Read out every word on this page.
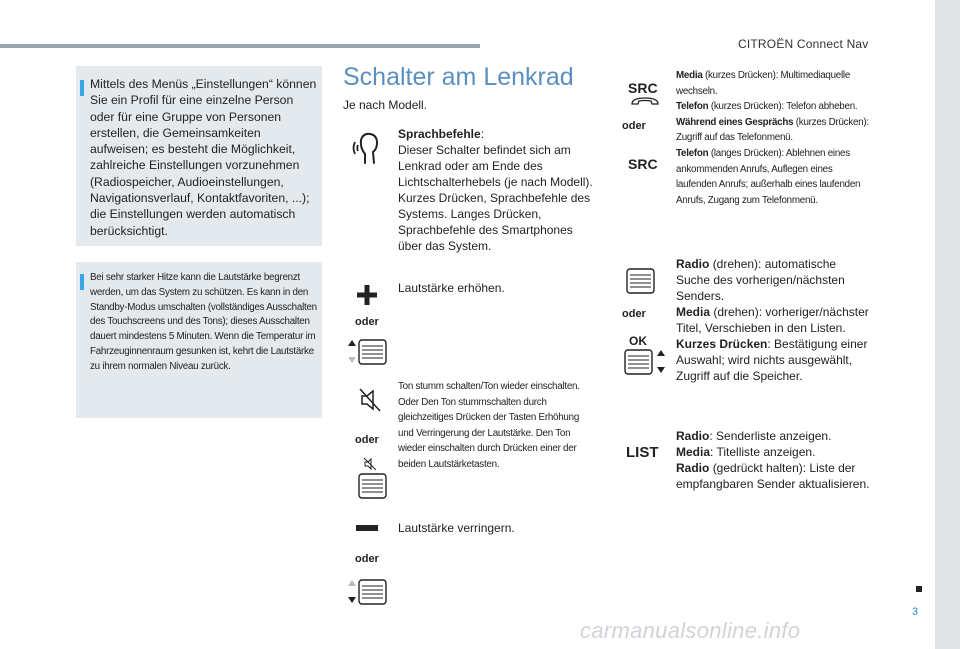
CITROËN Connect Nav
Mittels des Menüs „Einstellungen“ können Sie ein Profil für eine einzelne Person oder für eine Gruppe von Personen erstellen, die Gemeinsamkeiten aufweisen; es besteht die Möglichkeit, zahlreiche Einstellungen vorzunehmen (Radiospeicher, Audioeinstellungen, Navigationsverlauf, Kontaktfavoriten, ...); die Einstellungen werden automatisch berücksichtigt.
Bei sehr starker Hitze kann die Lautstärke begrenzt werden, um das System zu schützen. Es kann in den Standby-Modus umschalten (vollständiges Ausschalten des Touchscreens und des Tons); dieses Ausschalten dauert mindestens 5 Minuten. Wenn die Temperatur im Fahrzeuginnenraum gesunken ist, kehrt die Lautstärke zu ihrem normalen Niveau zurück.
Schalter am Lenkrad
Je nach Modell.
Sprachbefehle:
Dieser Schalter befindet sich am Lenkrad oder am Ende des Lichtschalterhebels (je nach Modell). Kurzes Drücken, Sprachbefehle des Systems. Langes Drücken, Sprachbefehle des Smartphones über das System.
oder
Lautstärke erhöhen.
oder
Ton stumm schalten/Ton wieder einschalten. Oder Den Ton stummschalten durch gleichzeitiges Drücken der Tasten Erhöhung und Verringerung der Lautstärke. Den Ton wieder einschalten durch Drücken einer der beiden Lautstärketasten.
oder
Lautstärke verringern.
SRC
oder
SRC
Media (kurzes Drücken): Multimediaquelle wechseln.
Telefon (kurzes Drücken): Telefon abheben.
Während eines Gesprächs (kurzes Drücken): Zugriff auf das Telefonmenü.
Telefon (langes Drücken): Ablehnen eines ankommenden Anrufs, Auflegen eines laufenden Anrufs; außerhalb eines laufenden Anrufs, Zugang zum Telefonmenü.
oder
OK
Radio (drehen): automatische Suche des vorherigen/nächsten Senders.
Media (drehen): vorheriger/nächster Titel, Verschieben in den Listen.
Kurzes Drücken: Bestätigung einer Auswahl; wird nichts ausgewählt, Zugriff auf die Speicher.
LIST
Radio: Senderliste anzeigen.
Media: Titelliste anzeigen.
Radio (gedrückt halten): Liste der empfangbaren Sender aktualisieren.
3
carmanualsonline.info
